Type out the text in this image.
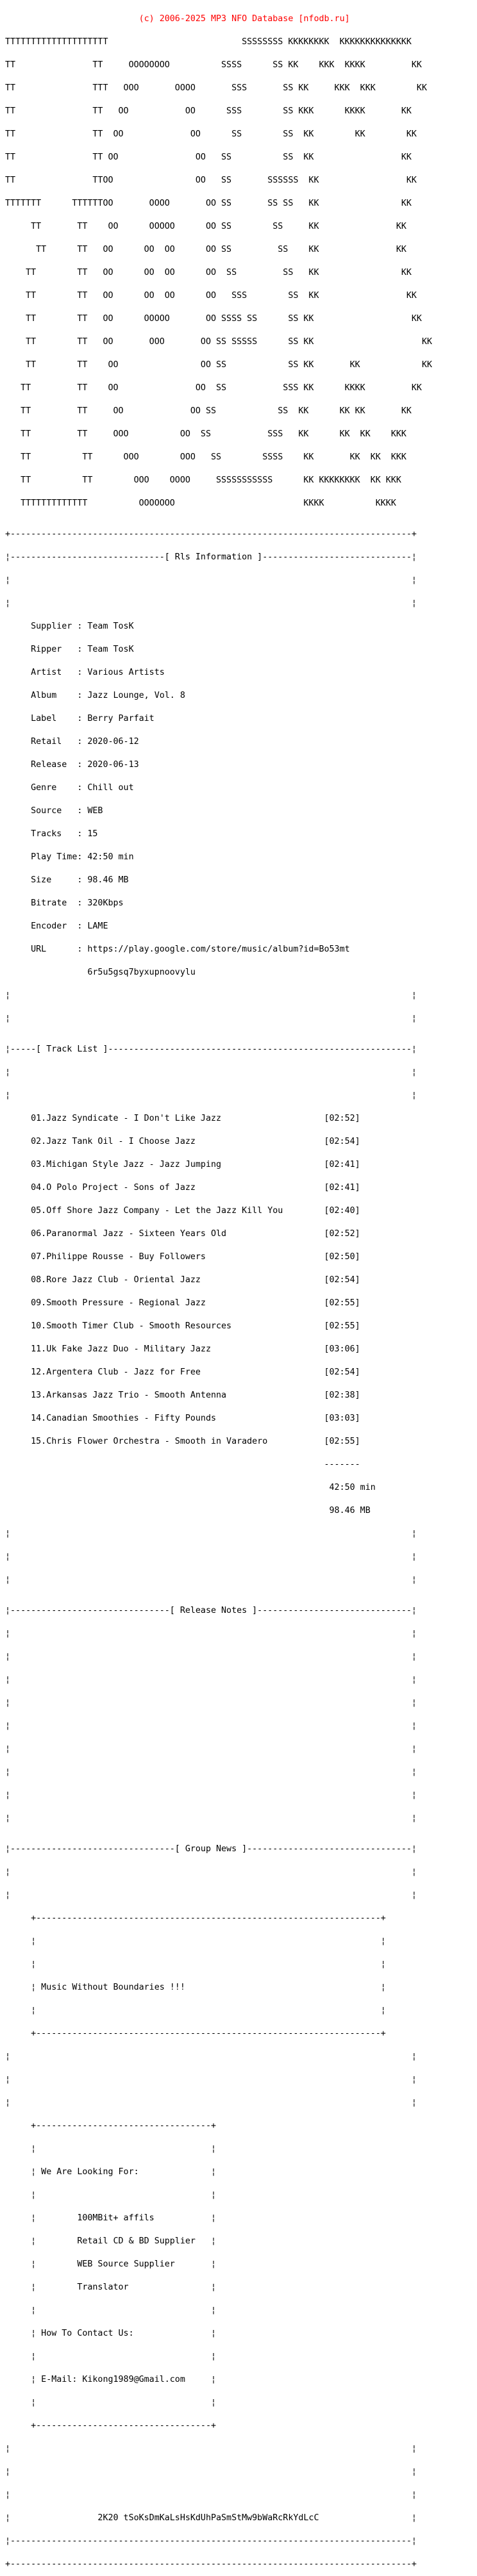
(c) 2006-2025 MP3 NFO Database [nfodb.ru]

TTTTTTTTTTTTTTTTTTTT                          SSSSSSSS KKKKKKKK  KKKKKKKKKKKKKK

TT               TT     OOOOOOOO          SSSS      SS KK    KKK  KKKK         KK

TT               TTT   OOO       OOOO       SSS       SS KK     KKK  KKK        KK

TT               TT   OO           OO      SSS        SS KKK      KKKK       KK

TT               TT  OO             OO      SS        SS  KK        KK        KK

TT               TT OO               OO   SS          SS  KK                 KK

TT               TTOO                OO   SS       SSSSSS  KK                 KK

TTTTTTT      TTTTTTOO       OOOO       OO SS       SS SS   KK                KK

TT       TT    OO      OOOOO      OO SS        SS     KK               KK

TT      TT   OO      OO  OO      OO SS         SS    KK               KK

TT        TT   OO      OO  OO      OO  SS         SS   KK                KK

TT        TT   OO      OO  OO      OO   SSS        SS  KK                 KK

TT        TT   OO      OOOOO       OO SSSS SS      SS KK                   KK

TT        TT   OO       OOO       OO SS SSSSS      SS KK                     KK

TT        TT    OO                OO SS            SS KK       KK            KK

TT         TT    OO               OO  SS           SSS KK      KKKK         KK

TT         TT     OO             OO SS            SS  KK      KK KK       KK

TT         TT     OOO          OO  SS           SSS   KK      KK  KK    KKK

TT          TT      OOO        OOO   SS        SSSS    KK       KK  KK  KKK

TT          TT        OOO    OOOO     SSSSSSSSSSS      KK KKKKKKKK  KK KKK

TTTTTTTTTTTTT          OOOOOOO                         KKKK          KKKK

+------------------------------------------------------------------------------+

¦------------------------------[ Rls Information ]-----------------------------¦

¦                                                                              ¦

¦                                                                              ¦

Supplier : Team TosK

Ripper   : Team TosK

Artist   : Various Artists

Album    : Jazz Lounge, Vol. 8

Label    : Berry Parfait

Retail   : 2020-06-12

Release  : 2020-06-13

Genre    : Chill out

Source   : WEB

Tracks   : 15

Play Time: 42:50 min

Size     : 98.46 MB

Bitrate  : 320Kbps

Encoder  : LAME

URL      : https://play.google.com/store/music/album?id=Bo53mt

6r5u5gsq7byxupnoovylu

¦                                                                              ¦

¦                                                                              ¦

¦-----[ Track List ]-----------------------------------------------------------¦

¦                                                                              ¦

¦                                                                              ¦

01.Jazz Syndicate - I Don't Like Jazz                    [02:52]

02.Jazz Tank Oil - I Choose Jazz                         [02:54]

03.Michigan Style Jazz - Jazz Jumping                    [02:41]

04.O Polo Project - Sons of Jazz                         [02:41]

05.Off Shore Jazz Company - Let the Jazz Kill You        [02:40]

06.Paranormal Jazz - Sixteen Years Old                   [02:52]

07.Philippe Rousse - Buy Followers                       [02:50]

08.Rore Jazz Club - Oriental Jazz                        [02:54]

09.Smooth Pressure - Regional Jazz                       [02:55]

10.Smooth Timer Club - Smooth Resources                  [02:55]

11.Uk Fake Jazz Duo - Military Jazz                      [03:06]

12.Argentera Club - Jazz for Free                        [02:54]

13.Arkansas Jazz Trio - Smooth Antenna                   [02:38]

14.Canadian Smoothies - Fifty Pounds                     [03:03]

15.Chris Flower Orchestra - Smooth in Varadero           [02:55]

-------

42:50 min

98.46 MB

¦                                                                              ¦

¦                                                                              ¦

¦                                                                              ¦

¦-------------------------------[ Release Notes ]------------------------------¦

¦                                                                              ¦

¦                                                                              ¦

¦                                                                              ¦

¦                                                                              ¦

¦                                                                              ¦

¦                                                                              ¦

¦                                                                              ¦

¦                                                                              ¦

¦                                                                              ¦

¦--------------------------------[ Group News ]--------------------------------¦

¦                                                                              ¦

¦                                                                              ¦

+-------------------------------------------------------------------+

¦                                                                   ¦

¦                                                                   ¦

¦ Music Without Boundaries !!!                                      ¦

¦                                                                   ¦

+-------------------------------------------------------------------+

¦                                                                              ¦

¦                                                                              ¦

¦                                                                              ¦

+----------------------------------+

¦                                  ¦

¦ We Are Looking For:              ¦

¦                                  ¦

¦        100MBit+ affils           ¦

¦        Retail CD & BD Supplier   ¦

¦        WEB Source Supplier       ¦

¦        Translator                ¦

¦                                  ¦

¦ How To Contact Us:               ¦

¦                                  ¦

¦ E-Mail: Kikong1989@Gmail.com     ¦

¦                                  ¦

+----------------------------------+

¦                                                                              ¦

¦                                                                              ¦

¦                                                                              ¦

¦                 2K20 tSoKsDmKaLsHsKdUhPaSmStMw9bWaRcRkYdLcC                  ¦

¦------------------------------------------------------------------------------¦

+------------------------------------------------------------------------------+
